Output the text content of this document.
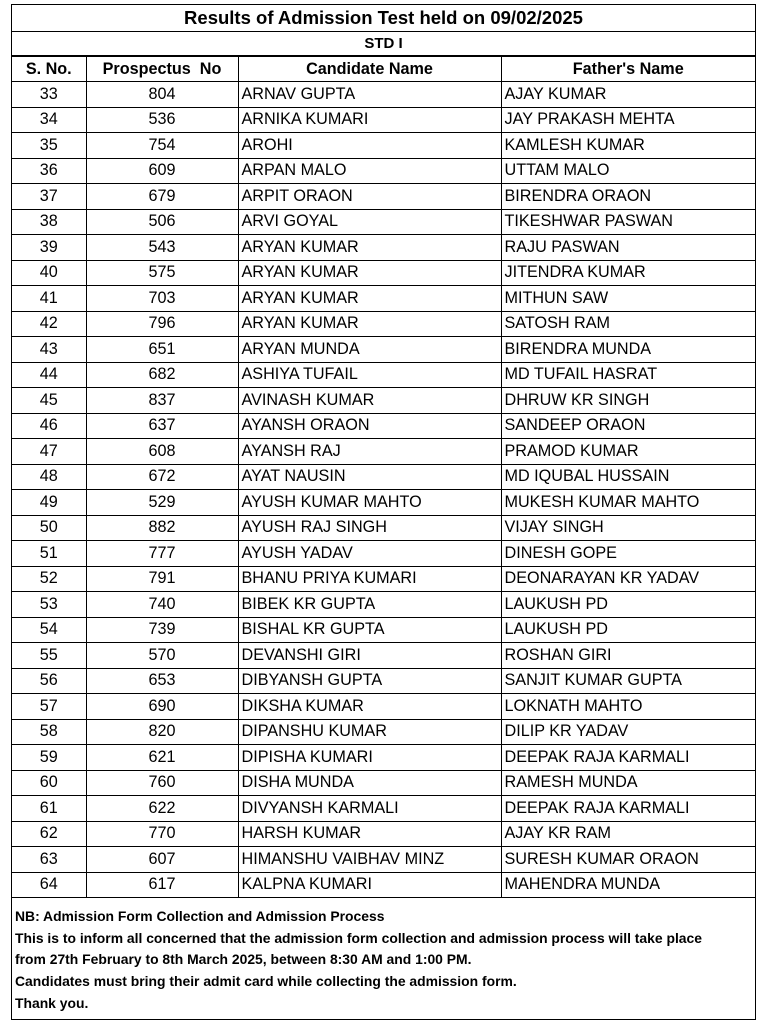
Results of Admission Test held on 09/02/2025
STD I
S. No.	Prospectus  No	Candidate Name	Father's Name
33	804	ARNAV GUPTA	AJAY KUMAR
34	536	ARNIKA KUMARI	JAY PRAKASH MEHTA
35	754	AROHI	KAMLESH KUMAR
36	609	ARPAN MALO	UTTAM MALO
37	679	ARPIT ORAON	BIRENDRA ORAON
38	506	ARVI GOYAL	TIKESHWAR PASWAN
39	543	ARYAN KUMAR	RAJU PASWAN
40	575	ARYAN KUMAR	JITENDRA KUMAR
41	703	ARYAN KUMAR	MITHUN SAW
42	796	ARYAN KUMAR	SATOSH RAM
43	651	ARYAN MUNDA	BIRENDRA MUNDA
44	682	ASHIYA TUFAIL	MD TUFAIL HASRAT
45	837	AVINASH KUMAR	DHRUW KR SINGH
46	637	AYANSH ORAON	SANDEEP ORAON
47	608	AYANSH RAJ	PRAMOD KUMAR
48	672	AYAT NAUSIN	MD IQUBAL HUSSAIN
49	529	AYUSH KUMAR MAHTO	MUKESH KUMAR MAHTO
50	882	AYUSH RAJ SINGH	VIJAY SINGH
51	777	AYUSH YADAV	DINESH GOPE
52	791	BHANU PRIYA KUMARI	DEONARAYAN KR YADAV
53	740	BIBEK KR GUPTA	LAUKUSH PD
54	739	BISHAL KR GUPTA	LAUKUSH PD
55	570	DEVANSHI GIRI	ROSHAN GIRI
56	653	DIBYANSH GUPTA	SANJIT KUMAR GUPTA
57	690	DIKSHA KUMAR	LOKNATH MAHTO
58	820	DIPANSHU KUMAR	DILIP KR YADAV
59	621	DIPISHA KUMARI	DEEPAK RAJA KARMALI
60	760	DISHA MUNDA	RAMESH MUNDA
61	622	DIVYANSH KARMALI	DEEPAK RAJA KARMALI
62	770	HARSH KUMAR	AJAY KR RAM
63	607	HIMANSHU VAIBHAV MINZ	SURESH KUMAR ORAON
64	617	KALPNA KUMARI	MAHENDRA MUNDA
NB: Admission Form Collection and Admission Process
This is to inform all concerned that the admission form collection and admission process will take place
from 27th February to 8th March 2025, between 8:30 AM and 1:00 PM.
Candidates must bring their admit card while collecting the admission form.
Thank you.
